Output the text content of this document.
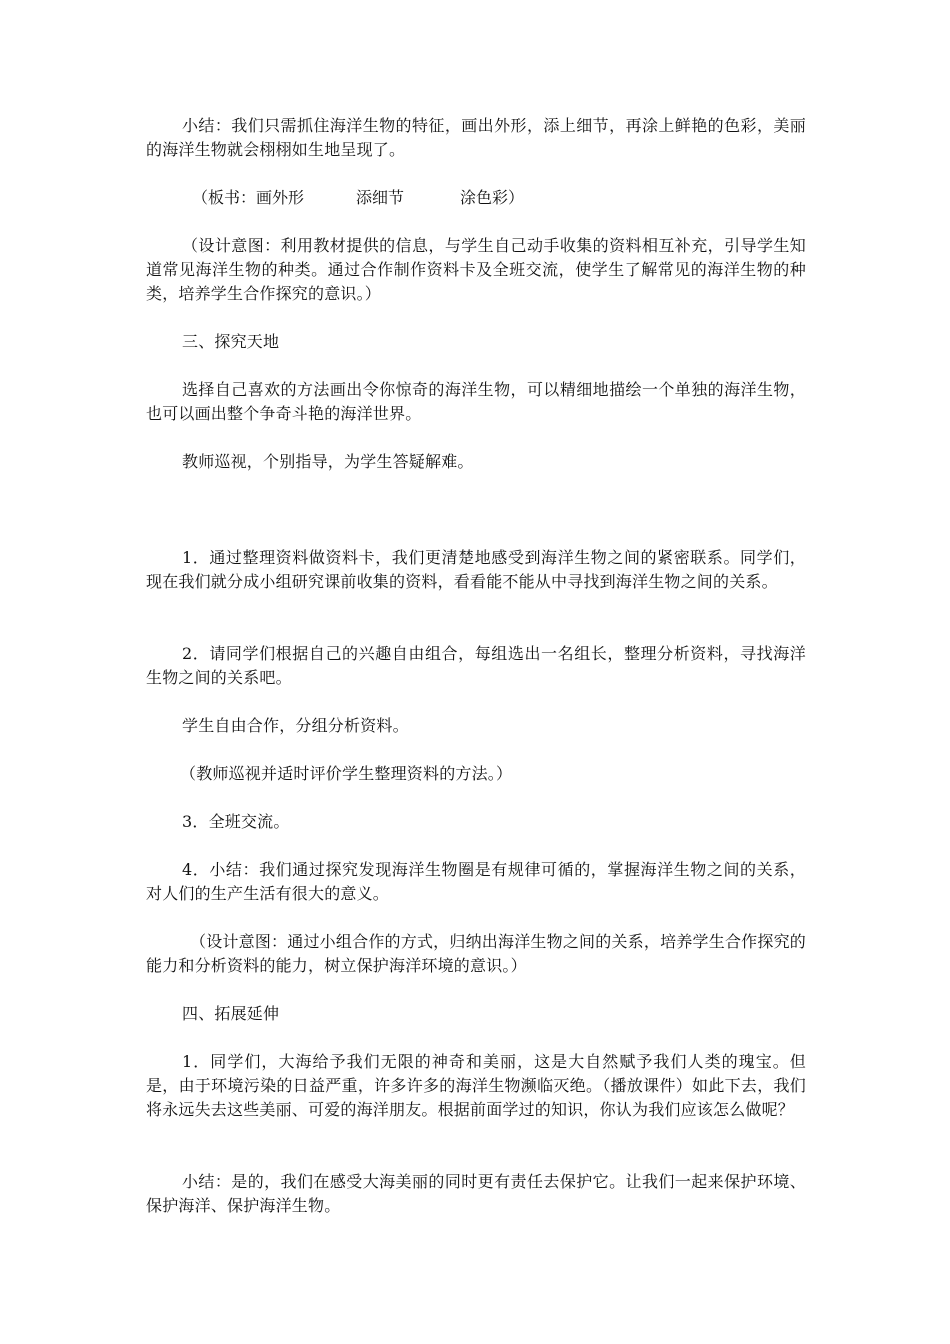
小结：我们只需抓住海洋生物的特征，画出外形，添上细节，再涂上鲜艳的色彩，美丽的海洋生物就会栩栩如生地呈现了。

（板书：画外形	添细节	涂色彩）

（设计意图：利用教材提供的信息，与学生自己动手收集的资料相互补充，引导学生知道常见海洋生物的种类。通过合作制作资料卡及全班交流，使学生了解常见的海洋生物的种类，培养学生合作探究的意识。）

三、探究天地

选择自己喜欢的方法画出令你惊奇的海洋生物，可以精细地描绘一个单独的海洋生物，也可以画出整个争奇斗艳的海洋世界。

教师巡视，个别指导，为学生答疑解难。

1．通过整理资料做资料卡，我们更清楚地感受到海洋生物之间的紧密联系。同学们，现在我们就分成小组研究课前收集的资料，看看能不能从中寻找到海洋生物之间的关系。

2．请同学们根据自己的兴趣自由组合，每组选出一名组长，整理分析资料，寻找海洋生物之间的关系吧。

学生自由合作，分组分析资料。

（教师巡视并适时评价学生整理资料的方法。）

3．全班交流。

4．小结：我们通过探究发现海洋生物圈是有规律可循的，掌握海洋生物之间的关系，对人们的生产生活有很大的意义。

（设计意图：通过小组合作的方式，归纳出海洋生物之间的关系，培养学生合作探究的能力和分析资料的能力，树立保护海洋环境的意识。）

四、拓展延伸

1．同学们，大海给予我们无限的神奇和美丽，这是大自然赋予我们人类的瑰宝。但是，由于环境污染的日益严重，许多许多的海洋生物濒临灭绝。（播放课件）如此下去，我们将永远失去这些美丽、可爱的海洋朋友。根据前面学过的知识，你认为我们应该怎么做呢？

小结：是的，我们在感受大海美丽的同时更有责任去保护它。让我们一起来保护环境、保护海洋、保护海洋生物。
